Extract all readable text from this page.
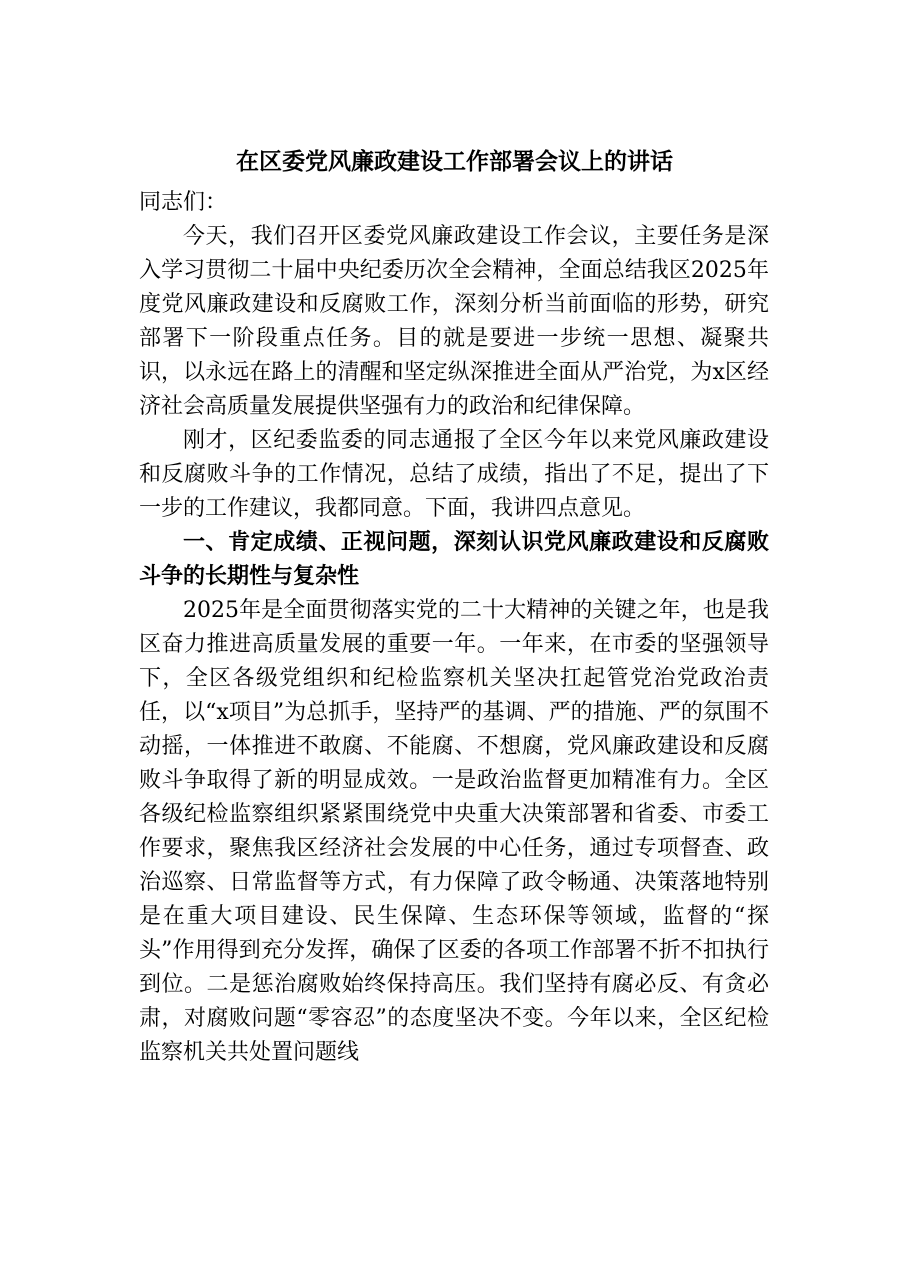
在区委党风廉政建设工作部署会议上的讲话

同志们：

今天，我们召开区委党风廉政建设工作会议，主要任务是深入学习贯彻二十届中央纪委历次全会精神，全面总结我区2025年度党风廉政建设和反腐败工作，深刻分析当前面临的形势，研究部署下一阶段重点任务。目的就是要进一步统一思想、凝聚共识，以永远在路上的清醒和坚定纵深推进全面从严治党，为x区经济社会高质量发展提供坚强有力的政治和纪律保障。

刚才，区纪委监委的同志通报了全区今年以来党风廉政建设和反腐败斗争的工作情况，总结了成绩，指出了不足，提出了下一步的工作建议，我都同意。下面，我讲四点意见。

一、肯定成绩、正视问题，深刻认识党风廉政建设和反腐败斗争的长期性与复杂性

2025年是全面贯彻落实党的二十大精神的关键之年，也是我区奋力推进高质量发展的重要一年。一年来，在市委的坚强领导下，全区各级党组织和纪检监察机关坚决扛起管党治党政治责任，以“x项目”为总抓手，坚持严的基调、严的措施、严的氛围不动摇，一体推进不敢腐、不能腐、不想腐，党风廉政建设和反腐败斗争取得了新的明显成效。一是政治监督更加精准有力。全区各级纪检监察组织紧紧围绕党中央重大决策部署和省委、市委工作要求，聚焦我区经济社会发展的中心任务，通过专项督查、政治巡察、日常监督等方式，有力保障了政令畅通、决策落地特别是在重大项目建设、民生保障、生态环保等领域，监督的“探头”作用得到充分发挥，确保了区委的各项工作部署不折不扣执行到位。二是惩治腐败始终保持高压。我们坚持有腐必反、有贪必肃，对腐败问题“零容忍”的态度坚决不变。今年以来，全区纪检监察机关共处置问题线
